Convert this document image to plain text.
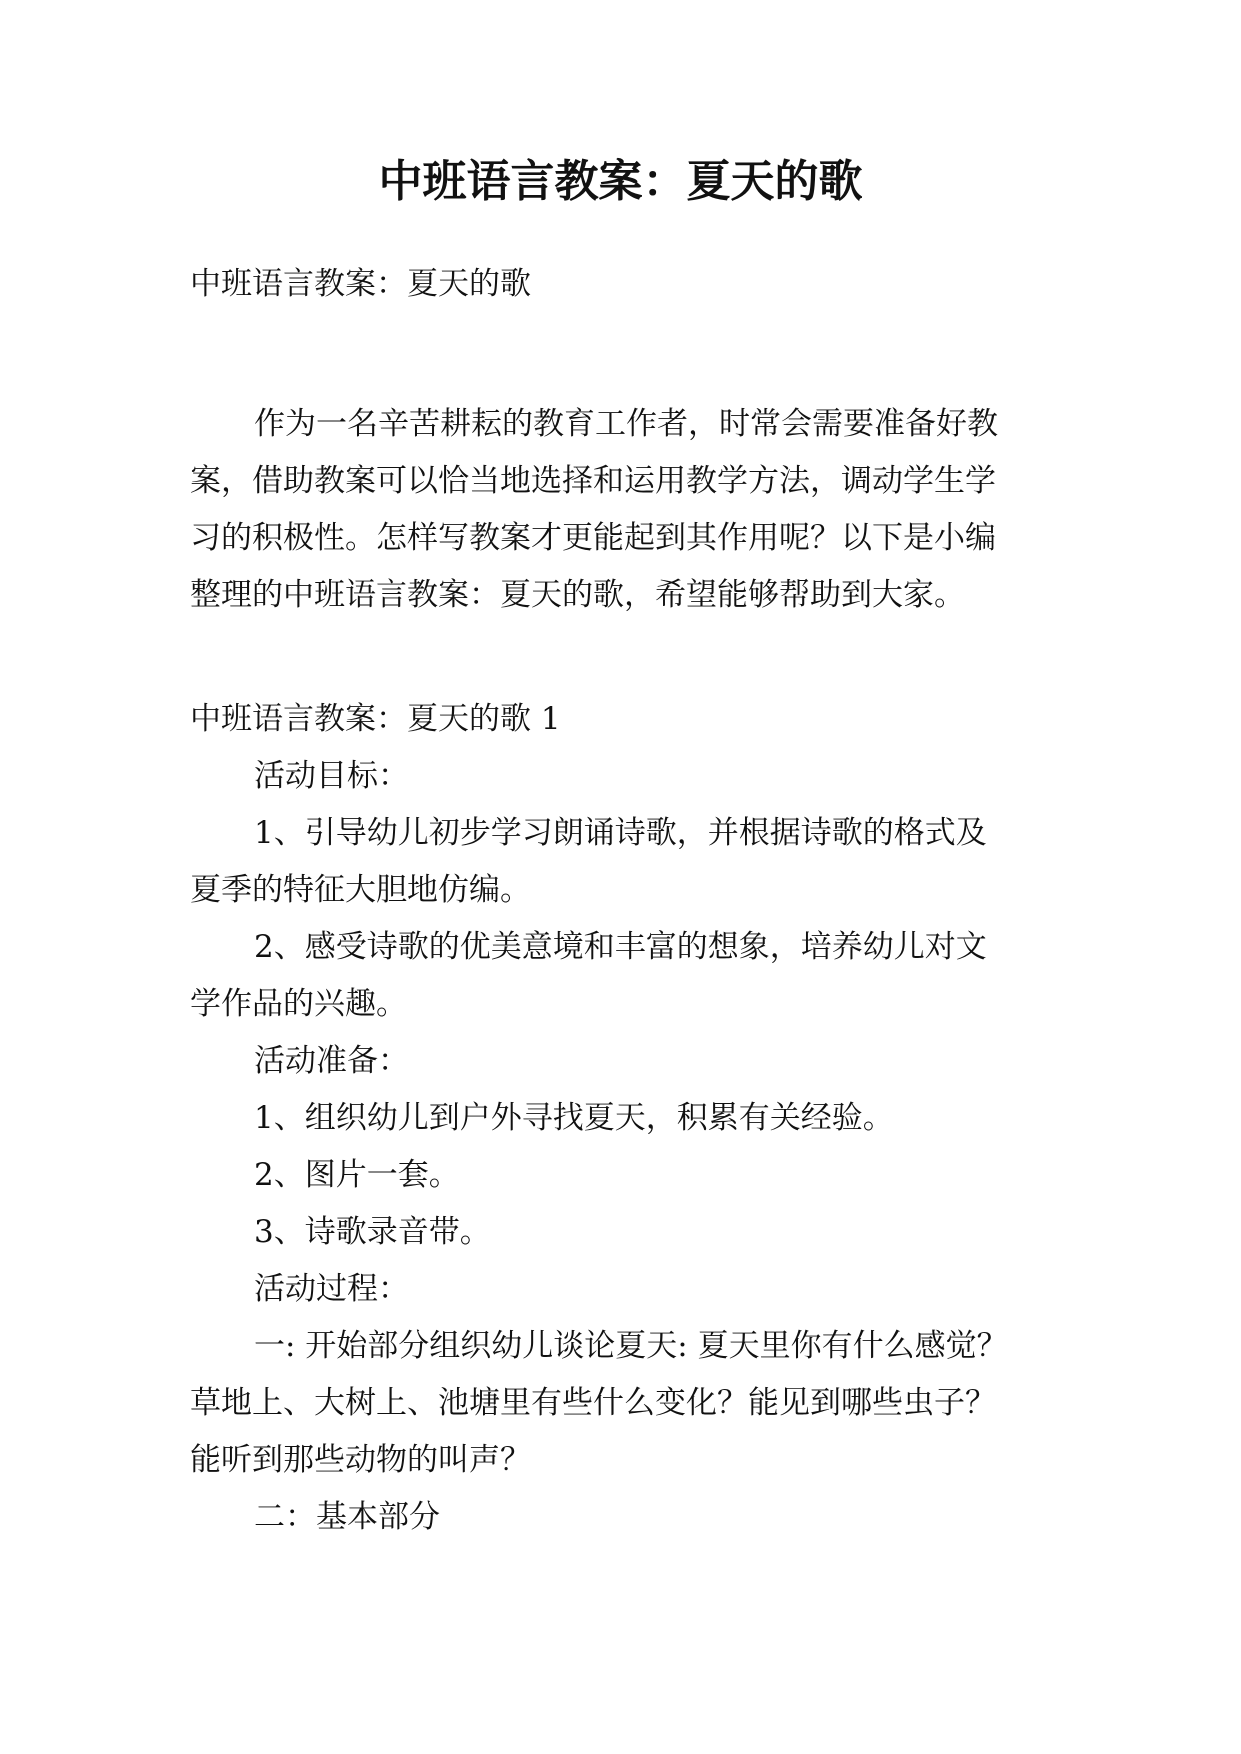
中班语言教案：夏天的歌

中班语言教案：夏天的歌

作为一名辛苦耕耘的教育工作者，时常会需要准备好教

案，借助教案可以恰当地选择和运用教学方法，调动学生学

习的积极性。怎样写教案才更能起到其作用呢？以下是小编

整理的中班语言教案：夏天的歌，希望能够帮助到大家。

中班语言教案：夏天的歌 1

活动目标：

1、引导幼儿初步学习朗诵诗歌，并根据诗歌的格式及

夏季的特征大胆地仿编。

2、感受诗歌的优美意境和丰富的想象，培养幼儿对文

学作品的兴趣。

活动准备：

1、组织幼儿到户外寻找夏天，积累有关经验。

2、图片一套。

3、诗歌录音带。

活动过程：

一: 开始部分组织幼儿谈论夏天: 夏天里你有什么感觉？

草地上、大树上、池塘里有些什么变化？能见到哪些虫子？

能听到那些动物的叫声？

二：基本部分
